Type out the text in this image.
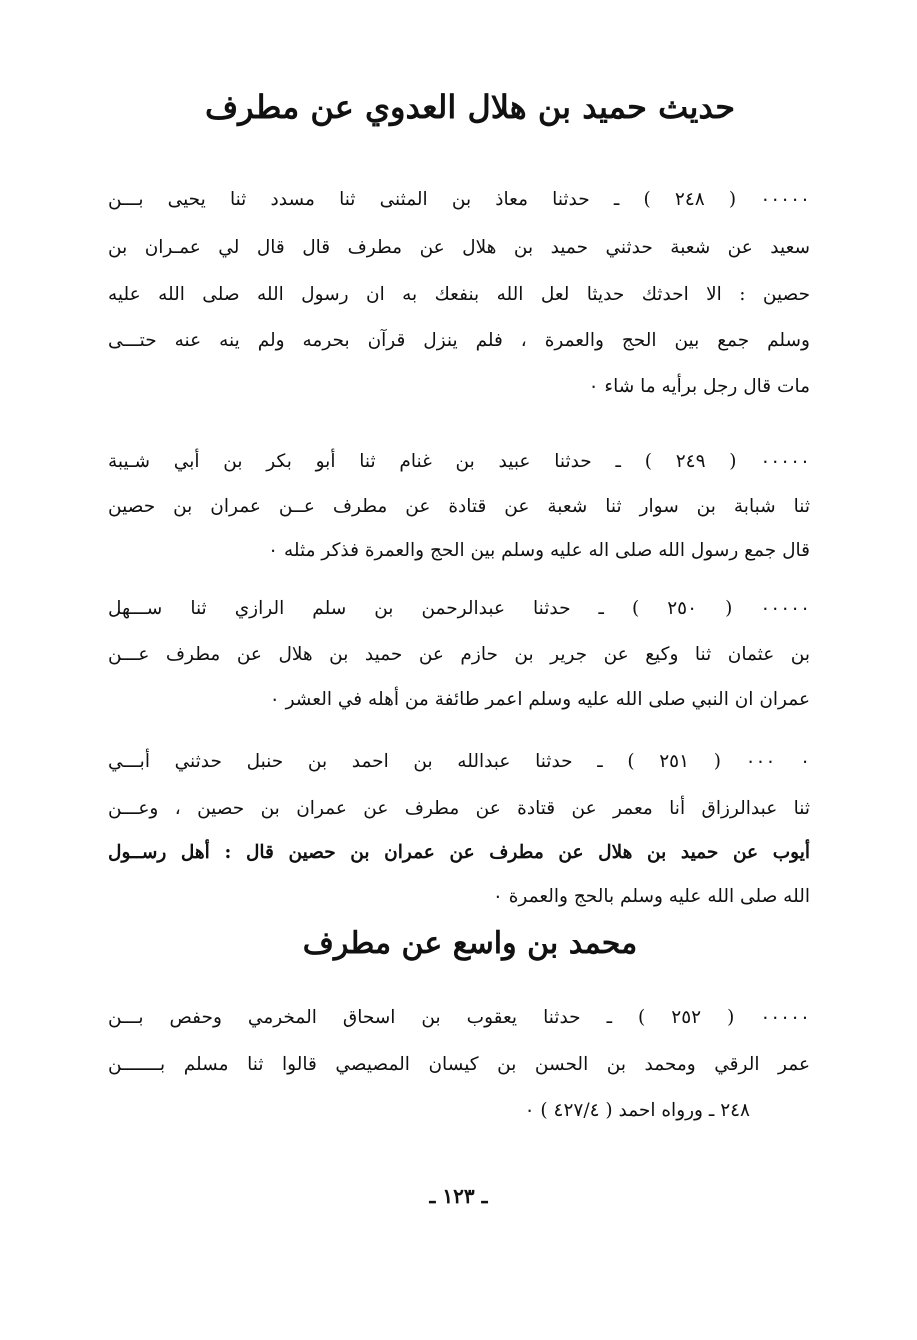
حديث حميد بن هلال العدوي عن مطرف
٠٠٠٠٠ ( ٢٤٨ ) ـ حدثنا معاذ بن المثنى ثنا مسدد ثنا يحيى بـــن
سعيد عن شعبة حدثني حميد بن هلال عن مطرف قال قال لي عمـران بن
حصين : الا احدثك حديثا لعل الله بنفعك به ان رسول الله صلى الله عليه
وسلم جمع بين الحج والعمرة ، فلم ينزل قرآن بحرمه ولم ينه عنه حتـــى
مات قال رجل برأيه ما شاء ٠
٠٠٠٠٠ ( ٢٤٩ ) ـ حدثنا عبيد بن غنام ثنا أبو بكر بن أبي شـيبة
ثنا شبابة بن سوار ثنا شعبة عن قتادة عن مطرف عــن عمران بن حصين
قال جمع رسول الله صلى اله عليه وسلم بين الحج والعمرة فذكر مثله ٠
٠٠٠٠٠ ( ٢٥٠ ) ـ حدثنا عبدالرحمن بن سلم الرازي ثنا ســـهل
بن عثمان ثنا وكيع عن جرير بن حازم عن حميد بن هلال عن مطرف عـــن
عمران ان النبي صلى الله عليه وسلم اعمر طائفة من أهله في العشر ٠
٠ ٠٠٠ ( ٢٥١ ) ـ حدثنا عبدالله بن احمد بن حنبل حدثني أبـــي
ثنا عبدالرزاق أنا معمر عن قتادة عن مطرف عن عمران بن حصين ، وعـــن
أيوب عن حميد بن هلال عن مطرف عن عمران بن حصين قال : أهل رســول
الله صلى الله عليه وسلم بالحج والعمرة ٠
محمد بن واسع عن مطرف
٠٠٠٠٠ ( ٢٥٢ ) ـ حدثنا يعقوب بن اسحاق المخرمي وحفص بـــن
عمر الرقي ومحمد بن الحسن بن كيسان المصيصي قالوا ثنا مسلم بـــــــن
٢٤٨ ـ ورواه احمد ( ٤٢٧/٤ ) ٠
ـ ١٢٣ ـ
